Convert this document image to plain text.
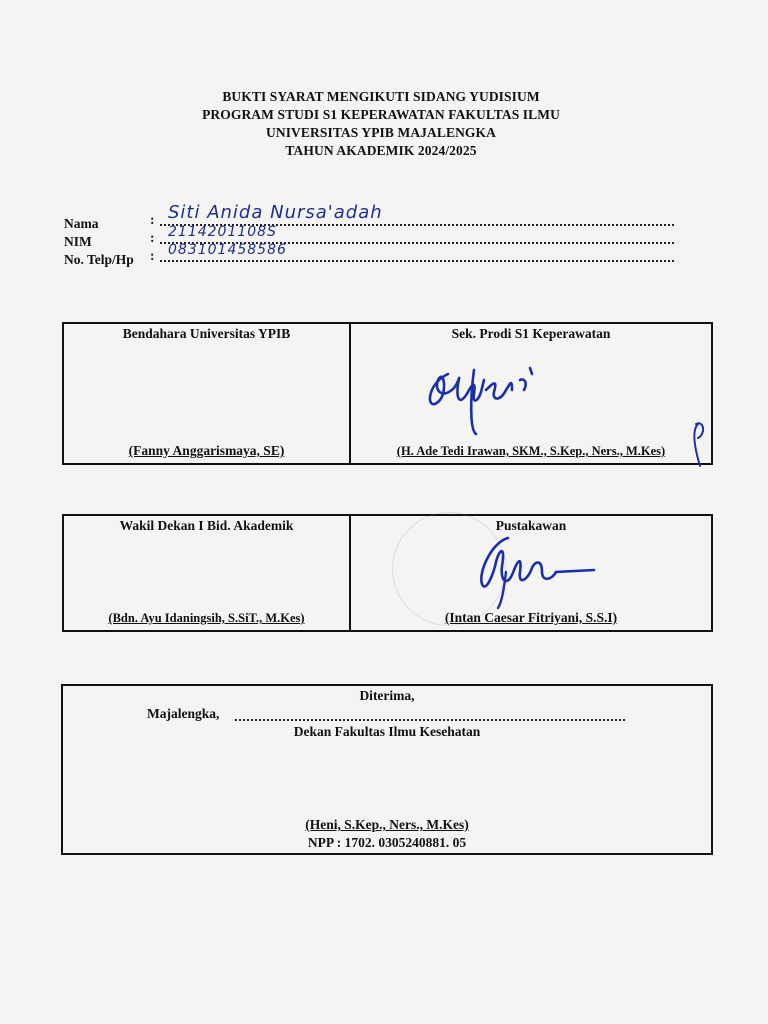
BUKTI SYARAT MENGIKUTI SIDANG YUDISIUM
PROGRAM STUDI S1 KEPERAWATAN FAKULTAS ILMU
UNIVERSITAS YPIB MAJALENGKA
TAHUN AKADEMIK 2024/2025
Nama	: Siti Anida Nursa'adah
NIM	: 2114201108S
No. Telp/Hp : 083101458586
Bendahara Universitas YPIB
(Fanny Anggarismaya, SE)
Sek. Prodi S1 Keperawatan
(H. Ade Tedi Irawan, SKM., S.Kep., Ners., M.Kes)
Wakil Dekan I Bid. Akademik
(Bdn. Ayu Idaningsih, S.SiT., M.Kes)
Pustakawan
(Intan Caesar Fitriyani, S.S.I)
Diterima,
Majalengka,
Dekan Fakultas Ilmu Kesehatan
(Heni, S.Kep., Ners., M.Kes)
NPP : 1702. 0305240881. 05
